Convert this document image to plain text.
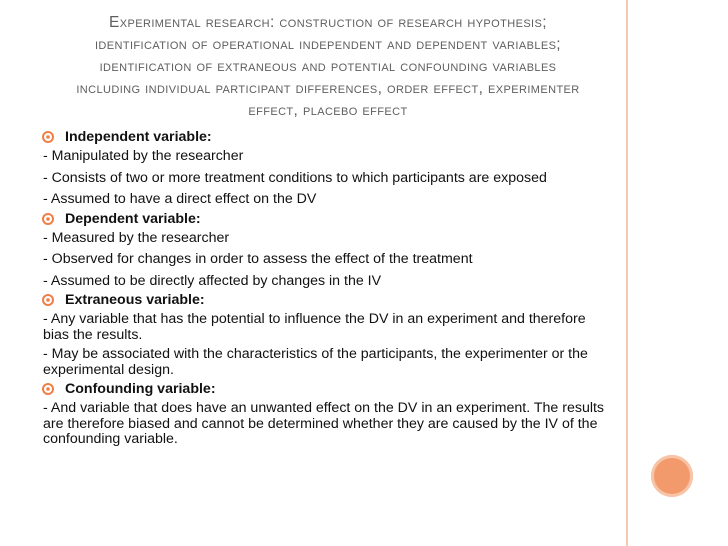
Experimental research: construction of research hypothesis;
identification of operational independent and dependent variables;
identification of extraneous and potential confounding variables
including individual participant differences, order effect, experimenter
effect, placebo effect
Independent variable:
- Manipulated by the researcher
- Consists of two or more treatment conditions to which participants are exposed
- Assumed to have a direct effect on the DV
Dependent variable:
- Measured by the researcher
- Observed for changes in order to assess the effect of the treatment
- Assumed to be directly affected by changes in the IV
Extraneous variable:
- Any variable that has the potential to influence the DV in an experiment and therefore bias the results.
- May be associated with the characteristics of the participants, the experimenter or the experimental design.
Confounding variable:
- And variable that does have an unwanted effect on the DV in an experiment. The results are therefore biased and cannot be determined whether they are caused by the IV of the confounding variable.
